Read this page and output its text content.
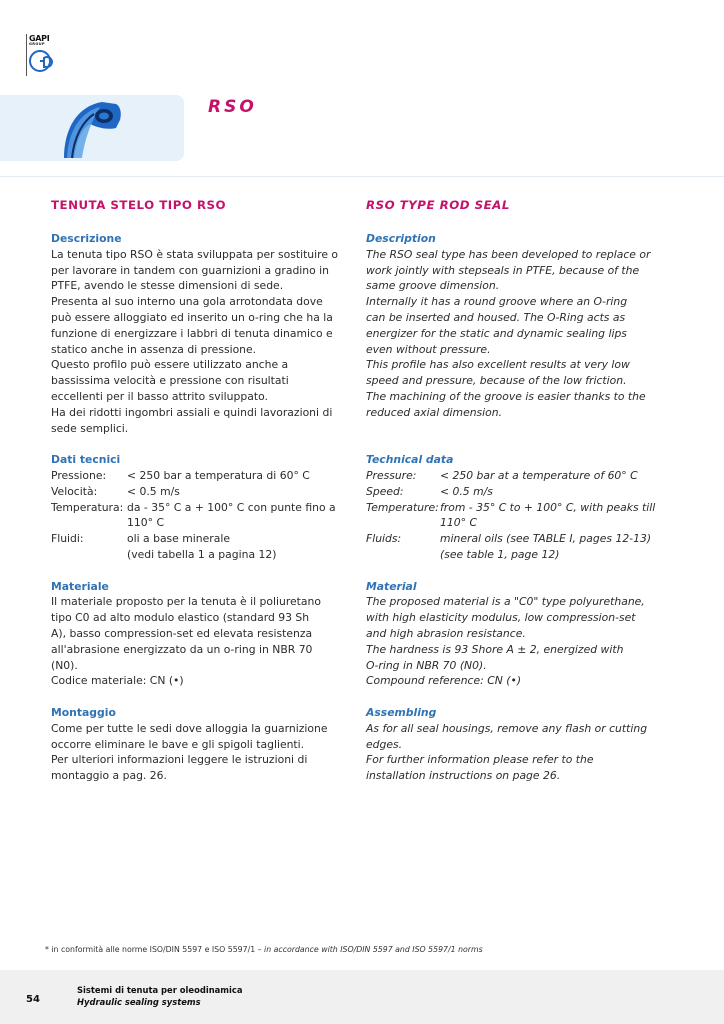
GAPI
GROUP
RSO
TENUTA STELO TIPO RSO
Descrizione
La tenuta tipo RSO è stata sviluppata per sostituire o
per lavorare in tandem con guarnizioni a gradino in
PTFE, avendo le stesse dimensioni di sede.
Presenta al suo interno una gola arrotondata dove
può essere alloggiato ed inserito un o-ring che ha la
funzione di energizzare i labbri di tenuta dinamico e
statico anche in assenza di pressione.
Questo profilo può essere utilizzato anche a
bassissima velocità e pressione con risultati
eccellenti per il basso attrito sviluppato.
Ha dei ridotti ingombri assiali e quindi lavorazioni di
sede semplici.
Dati tecnici
Pressione:	< 250 bar a temperatura di 60° C
Velocità:	< 0.5 m/s
Temperatura: da - 35° C a + 100° C con punte fino a
110° C
Fluidi:	oli a base minerale
(vedi tabella 1 a pagina 12)
Materiale
Il materiale proposto per la tenuta è il poliuretano
tipo C0 ad alto modulo elastico (standard 93 Sh
A), basso compression-set ed elevata resistenza
all'abrasione energizzato da un o-ring in NBR 70
(N0).
Codice materiale: CN (•)
Montaggio
Come per tutte le sedi dove alloggia la guarnizione
occorre eliminare le bave e gli spigoli taglienti.
Per ulteriori informazioni leggere le istruzioni di
montaggio a pag. 26.
RSO TYPE ROD SEAL
Description
The RSO seal type has been developed to replace or
work jointly with stepseals in PTFE, because of the
same groove dimension.
Internally it has a round groove where an O-ring
can be inserted and housed. The O-Ring acts as
energizer for the static and dynamic sealing lips
even without pressure.
This profile has also excellent results at very low
speed and pressure, because of the low friction.
The machining of the groove is easier thanks to the
reduced axial dimension.
Technical data
Pressure:	< 250 bar at a temperature of 60° C
Speed:	< 0.5 m/s
Temperature: from - 35° C to + 100° C, with peaks till
110° C
Fluids:	mineral oils (see TABLE I, pages 12-13)
(see table 1, page 12)
Material
The proposed material is a "C0" type polyurethane,
with high elasticity modulus, low compression-set
and high abrasion resistance.
The hardness is 93 Shore A ± 2, energized with
O-ring in NBR 70 (N0).
Compound reference: CN (•)
Assembling
As for all seal housings, remove any flash or cutting
edges.
For further information please refer to the
installation instructions on page 26.
* in conformità alle norme ISO/DIN 5597 e ISO 5597/1 – in accordance with ISO/DIN 5597 and ISO 5597/1 norms
54
Sistemi di tenuta per oleodinamica
Hydraulic sealing systems
